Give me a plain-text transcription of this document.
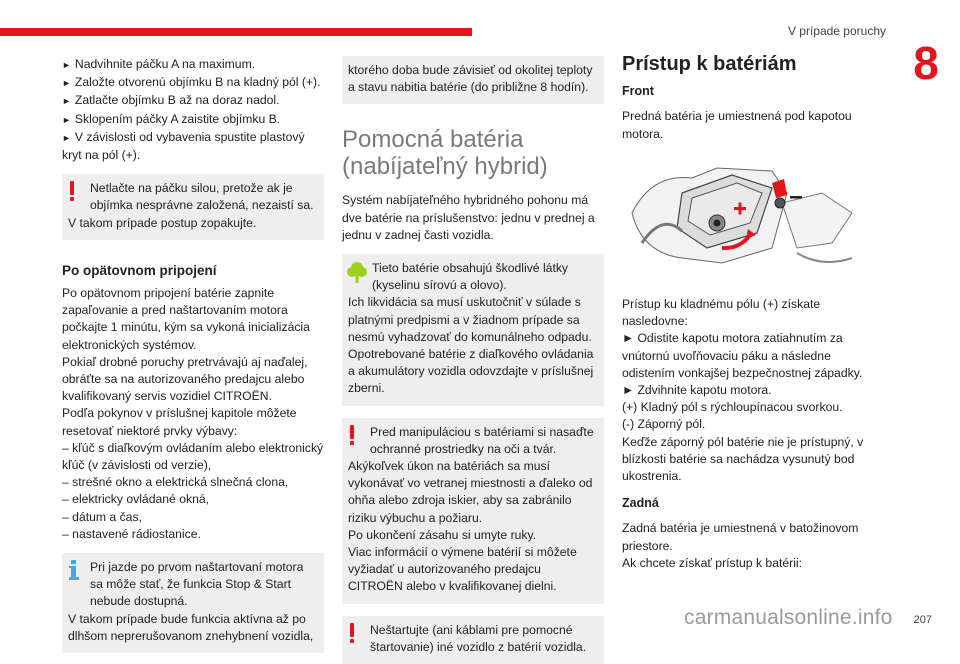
V prípade poruchy
8

► Nadvihnite páčku A na maximum.

► Založte otvorenú objímku B na kladný pól (+).

► Zatlačte objímku B až na doraz nadol.

► Sklopením páčky A zaistite objímku B.

► V závislosti od vybavenia spustite plastový kryt na pól (+).

Netlačte na páčku silou, pretože ak je objímka nesprávne založená, nezaistí sa.

V takom prípade postup zopakujte.

Po opätovnom pripojení

Po opätovnom pripojení batérie zapnite zapaľovanie a pred naštartovaním motora počkajte 1 minútu, kým sa vykoná inicializácia elektronických systémov.

Pokiaľ drobné poruchy pretrvávajú aj naďalej, obráťte sa na autorizovaného predajcu alebo kvalifikovaný servis vozidiel CITROËN.

Podľa pokynov v príslušnej kapitole môžete resetovať niektoré prvky výbavy:

– kľúč s diaľkovým ovládaním alebo elektronický kľúč (v závislosti od verzie),

– strešné okno a elektrická slnečná clona,

– elektricky ovládané okná,

– dátum a čas,

– nastavené rádiostanice.

Pri jazde po prvom naštartovaní motora sa môže stať, že funkcia Stop & Start nebude dostupná.

V takom prípade bude funkcia aktívna až po dlhšom neprerušovanom znehybnení vozidla,

ktorého doba bude závisieť od okolitej teploty a stavu nabitia batérie (do približne 8 hodín).

Pomocná batéria (nabíjateľný hybrid)

Systém nabíjateľného hybridného pohonu má dve batérie na príslušenstvo: jednu v prednej a jednu v zadnej časti vozidla.

Tieto batérie obsahujú škodlivé látky (kyselinu sírovú a olovo).

Ich likvidácia sa musí uskutočniť v súlade s platnými predpismi a v žiadnom prípade sa nesmú vyhadzovať do komunálneho odpadu.

Opotrebované batérie z diaľkového ovládania a akumulátory vozidla odovzdajte v príslušnej zberni.

Pred manipuláciou s batériami si nasaďte ochranné prostriedky na oči a tvár.

Akýkoľvek úkon na batériách sa musí vykonávať vo vetranej miestnosti a ďaleko od ohňa alebo zdroja iskier, aby sa zabránilo riziku výbuchu a požiaru.

Po ukončení zásahu si umyte ruky.

Viac informácií o výmene batérií si môžete vyžiadať u autorizovaného predajcu CITROËN alebo v kvalifikovanej dielni.

Neštartujte (ani káblami pre pomocné štartovanie) iné vozidlo z batérií vozidla.

Prístup k batériám

Front

Predná batéria je umiestnená pod kapotou motora.

Prístup ku kladnému pólu (+) získate nasledovne:

► Odistite kapotu motora zatiahnutím za vnútornú uvoľňovaciu páku a následne odistením vonkajšej bezpečnostnej západky.

► Zdvihnite kapotu motora.

(+) Kladný pól s rýchloupínacou svorkou.

(-) Záporný pól.

Keďže záporný pól batérie nie je prístupný, v blízkosti batérie sa nachádza vysunutý bod ukostrenia.

Zadná

Zadná batéria je umiestnená v batožinovom priestore.

Ak chcete získať prístup k batérii:

carmanualsonline.info 207
